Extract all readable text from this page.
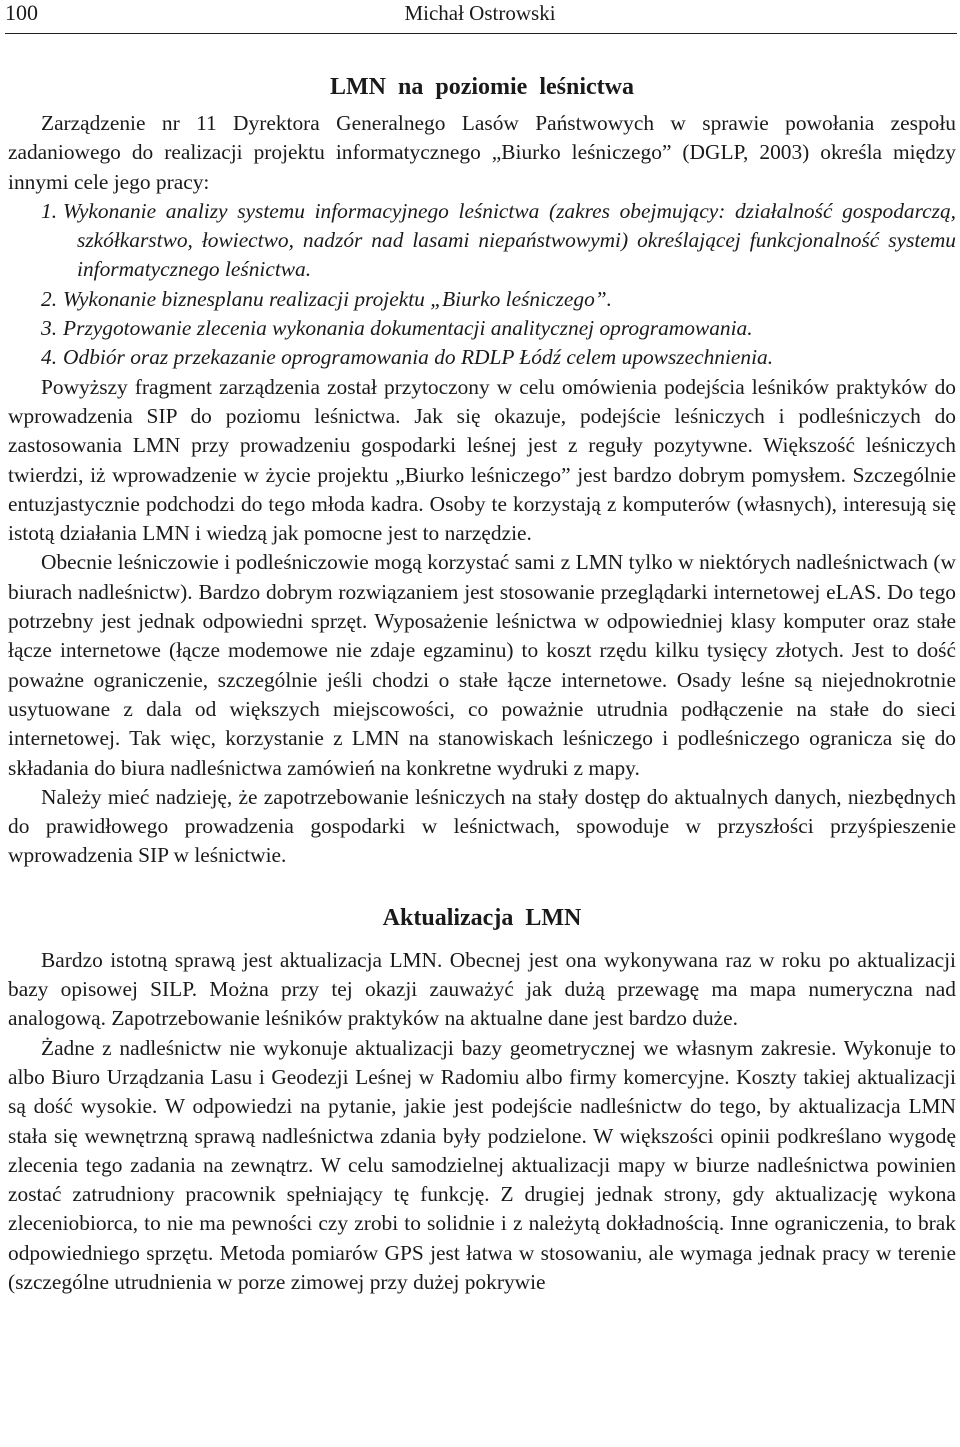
100	Michał Ostrowski
LMN na poziomie leśnictwa

Zarządzenie nr 11 Dyrektora Generalnego Lasów Państwowych w sprawie powołania zespołu zadaniowego do realizacji projektu informatycznego „Biurko leśniczego” (DGLP, 2003) określa między innymi cele jego pracy:

1. Wykonanie analizy systemu informacyjnego leśnictwa (zakres obejmujący: działalność gospodarczą, szkółkarstwo, łowiectwo, nadzór nad lasami niepaństwowymi) określającej funkcjonalność systemu informatycznego leśnictwa.
2. Wykonanie biznesplanu realizacji projektu „Biurko leśniczego”.
3. Przygotowanie zlecenia wykonania dokumentacji analitycznej oprogramowania.
4. Odbiór oraz przekazanie oprogramowania do RDLP Łódź celem upowszechnienia.

Powyższy fragment zarządzenia został przytoczony w celu omówienia podejścia leśników praktyków do wprowadzenia SIP do poziomu leśnictwa. Jak się okazuje, podejście leśniczych i podleśniczych do zastosowania LMN przy prowadzeniu gospodarki leśnej jest z reguły pozytywne. Większość leśniczych twierdzi, iż wprowadzenie w życie projektu „Biurko leśniczego” jest bardzo dobrym pomysłem. Szczególnie entuzjastycznie podchodzi do tego młoda kadra. Osoby te korzystają z komputerów (własnych), interesują się istotą działania LMN i wiedzą jak pomocne jest to narzędzie.

Obecnie leśniczowie i podleśniczowie mogą korzystać sami z LMN tylko w niektórych nadleśnictwach (w biurach nadleśnictw). Bardzo dobrym rozwiązaniem jest stosowanie przeglądarki internetowej eLAS. Do tego potrzebny jest jednak odpowiedni sprzęt. Wyposażenie leśnictwa w odpowiedniej klasy komputer oraz stałe łącze internetowe (łącze modemowe nie zdaje egzaminu) to koszt rzędu kilku tysięcy złotych. Jest to dość poważne ograniczenie, szczególnie jeśli chodzi o stałe łącze internetowe. Osady leśne są niejednokrotnie usytuowane z dala od większych miejscowości, co poważnie utrudnia podłączenie na stałe do sieci internetowej. Tak więc, korzystanie z LMN na stanowiskach leśniczego i podleśniczego ogranicza się do składania do biura nadleśnictwa zamówień na konkretne wydruki z mapy.

Należy mieć nadzieję, że zapotrzebowanie leśniczych na stały dostęp do aktualnych danych, niezbędnych do prawidłowego prowadzenia gospodarki w leśnictwach, spowoduje w przyszłości przyśpieszenie wprowadzenia SIP w leśnictwie.

Aktualizacja LMN

Bardzo istotną sprawą jest aktualizacja LMN. Obecnej jest ona wykonywana raz w roku po aktualizacji bazy opisowej SILP. Można przy tej okazji zauważyć jak dużą przewagę ma mapa numeryczna nad analogową. Zapotrzebowanie leśników praktyków na aktualne dane jest bardzo duże.

Żadne z nadleśnictw nie wykonuje aktualizacji bazy geometrycznej we własnym zakresie. Wykonuje to albo Biuro Urządzania Lasu i Geodezji Leśnej w Radomiu albo firmy komercyjne. Koszty takiej aktualizacji są dość wysokie. W odpowiedzi na pytanie, jakie jest podejście nadleśnictw do tego, by aktualizacja LMN stała się wewnętrzną sprawą nadleśnictwa zdania były podzielone. W większości opinii podkreślano wygodę zlecenia tego zadania na zewnątrz. W celu samodzielnej aktualizacji mapy w biurze nadleśnictwa powinien zostać zatrudniony pracownik spełniający tę funkcję. Z drugiej jednak strony, gdy aktualizację wykona zleceniobiorca, to nie ma pewności czy zrobi to solidnie i z należytą dokładnością. Inne ograniczenia, to brak odpowiedniego sprzętu. Metoda pomiarów GPS jest łatwa w stosowaniu, ale wymaga jednak pracy w terenie (szczególne utrudnienia w porze zimowej przy dużej pokrywie
